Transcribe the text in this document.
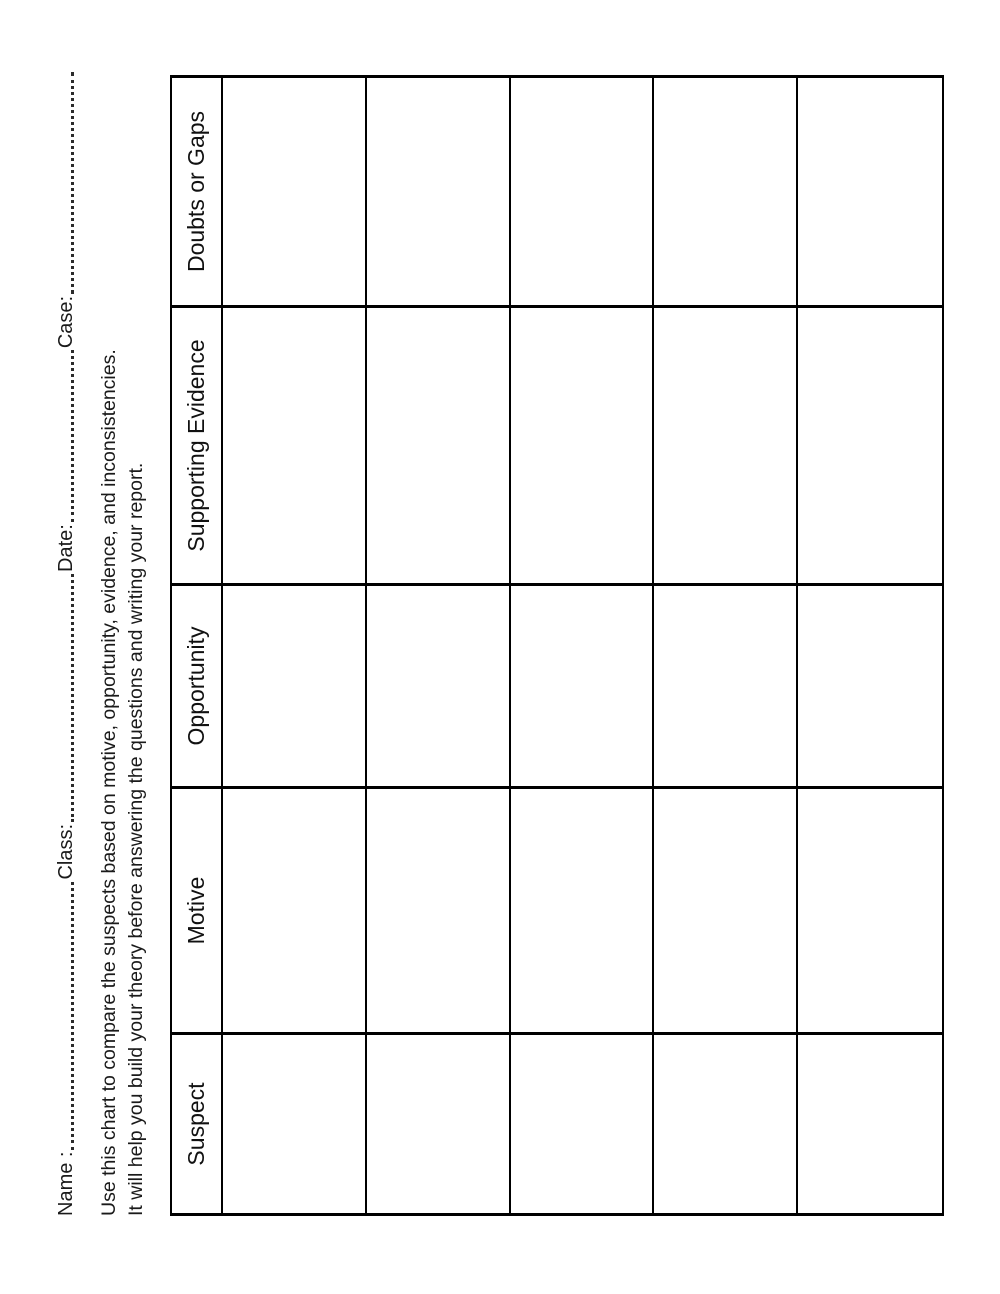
Name :
Class:
Date:
Case:
Use this chart to compare the suspects based on motive, opportunity, evidence, and inconsistencies. It will help you build your theory before answering the questions and writing your report.	Suspect
Motive
Opportunity
Supporting Evidence
Doubts or Gaps
